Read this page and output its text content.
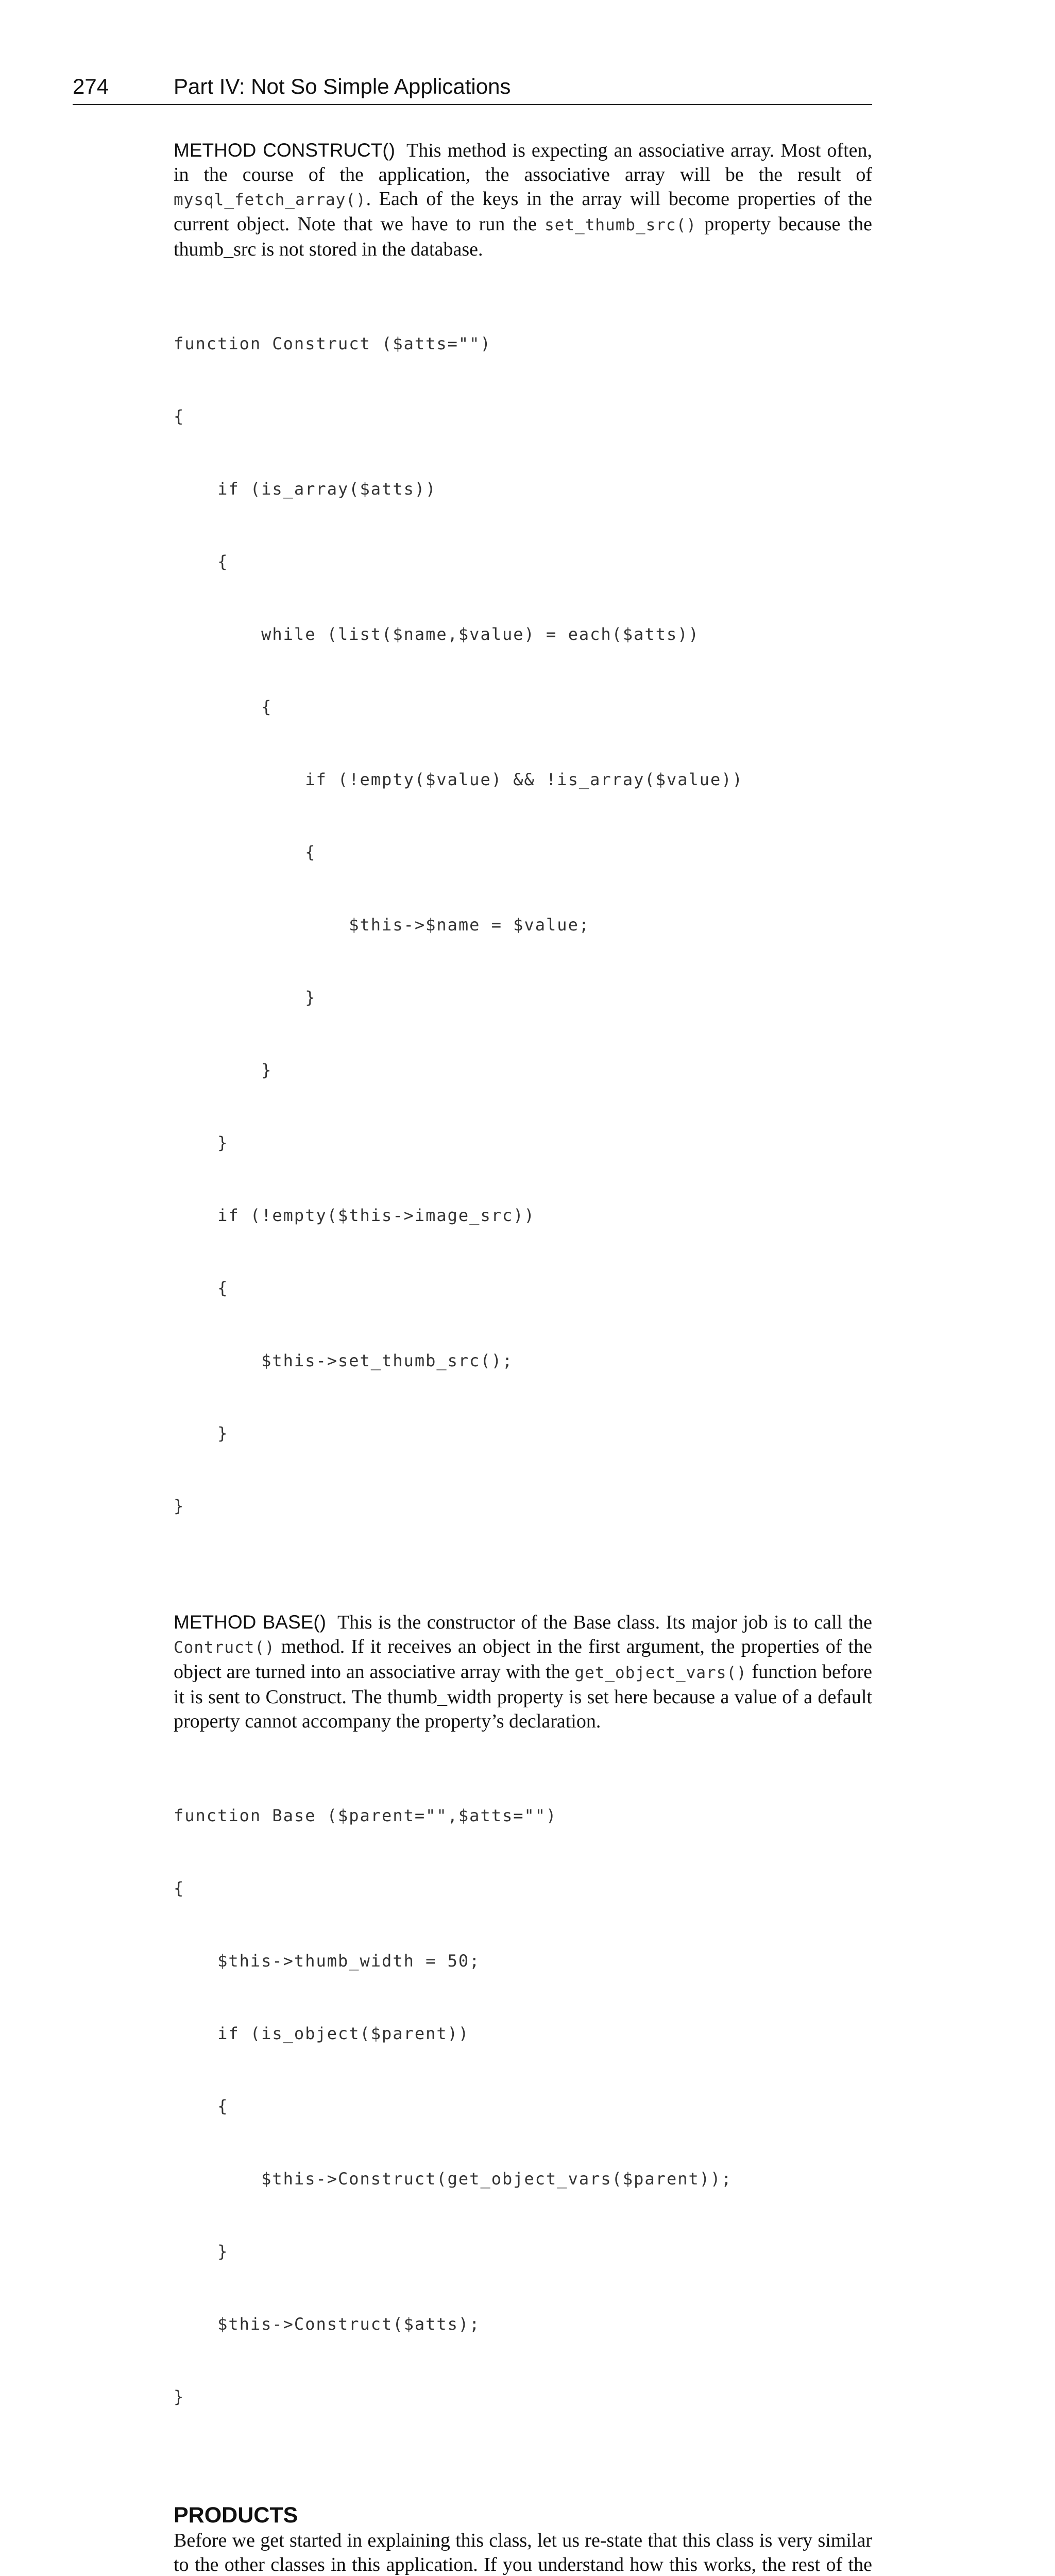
274	Part IV: Not So Simple Applications

METHOD CONSTRUCT() This method is expecting an associative array. Most often, in the course of the application, the associative array will be the result of mysql_fetch_array(). Each of the keys in the array will become properties of the current object. Note that we have to run the set_thumb_src() property because the thumb_src is not stored in the database.

function Construct ($atts="")

{

if (is_array($atts))

{

while (list($name,$value) = each($atts))

{

if (!empty($value) && !is_array($value))

{

$this->$name = $value;

}

}

}

if (!empty($this->image_src))

{

$this->set_thumb_src();

}

}

METHOD BASE() This is the constructor of the Base class. Its major job is to call the Contruct() method. If it receives an object in the first argument, the properties of the object are turned into an associative array with the get_object_vars() function before it is sent to Construct. The thumb_width property is set here because a value of a default property cannot accompany the property’s declaration.

function Base ($parent="",$atts="")

{

$this->thumb_width = 50;

if (is_object($parent))

{

$this->Construct(get_object_vars($parent));

}

$this->Construct($atts);

}

PRODUCTS

Before we get started in explaining this class, let us re-state that this class is very similar to the other classes in this application. If you understand how this works, the rest of the
